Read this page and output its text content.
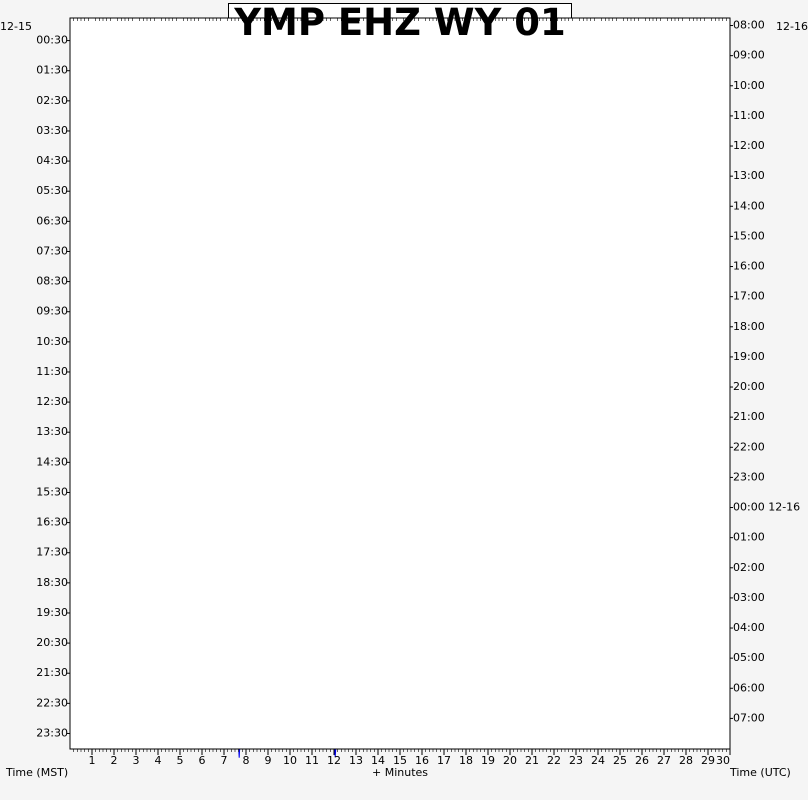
1 2 3 4 5 6 7 8 9 10 11 12 13 14 15 16 17 18 19 20 21 22 23 24 25 26 27 28 29 30
00:30
01:30
02:30
03:30
04:30
05:30
06:30
07:30
08:30
09:30
10:30
11:30
12:30
13:30
14:30
15:30
16:30
17:30
18:30
19:30
20:30
21:30
22:30
23:30
08:00
09:00
10:00
11:00
12:00
13:00
14:00
15:00
16:00
17:00
18:00
19:00
20:00
21:00
22:00
23:00
00:00 12-16
01:00
02:00
03:00
04:00
05:00
06:00
07:00
YMP EHZ WY 01
12-15	12-16
Time (MST)	+ Minutes	Time (UTC)
